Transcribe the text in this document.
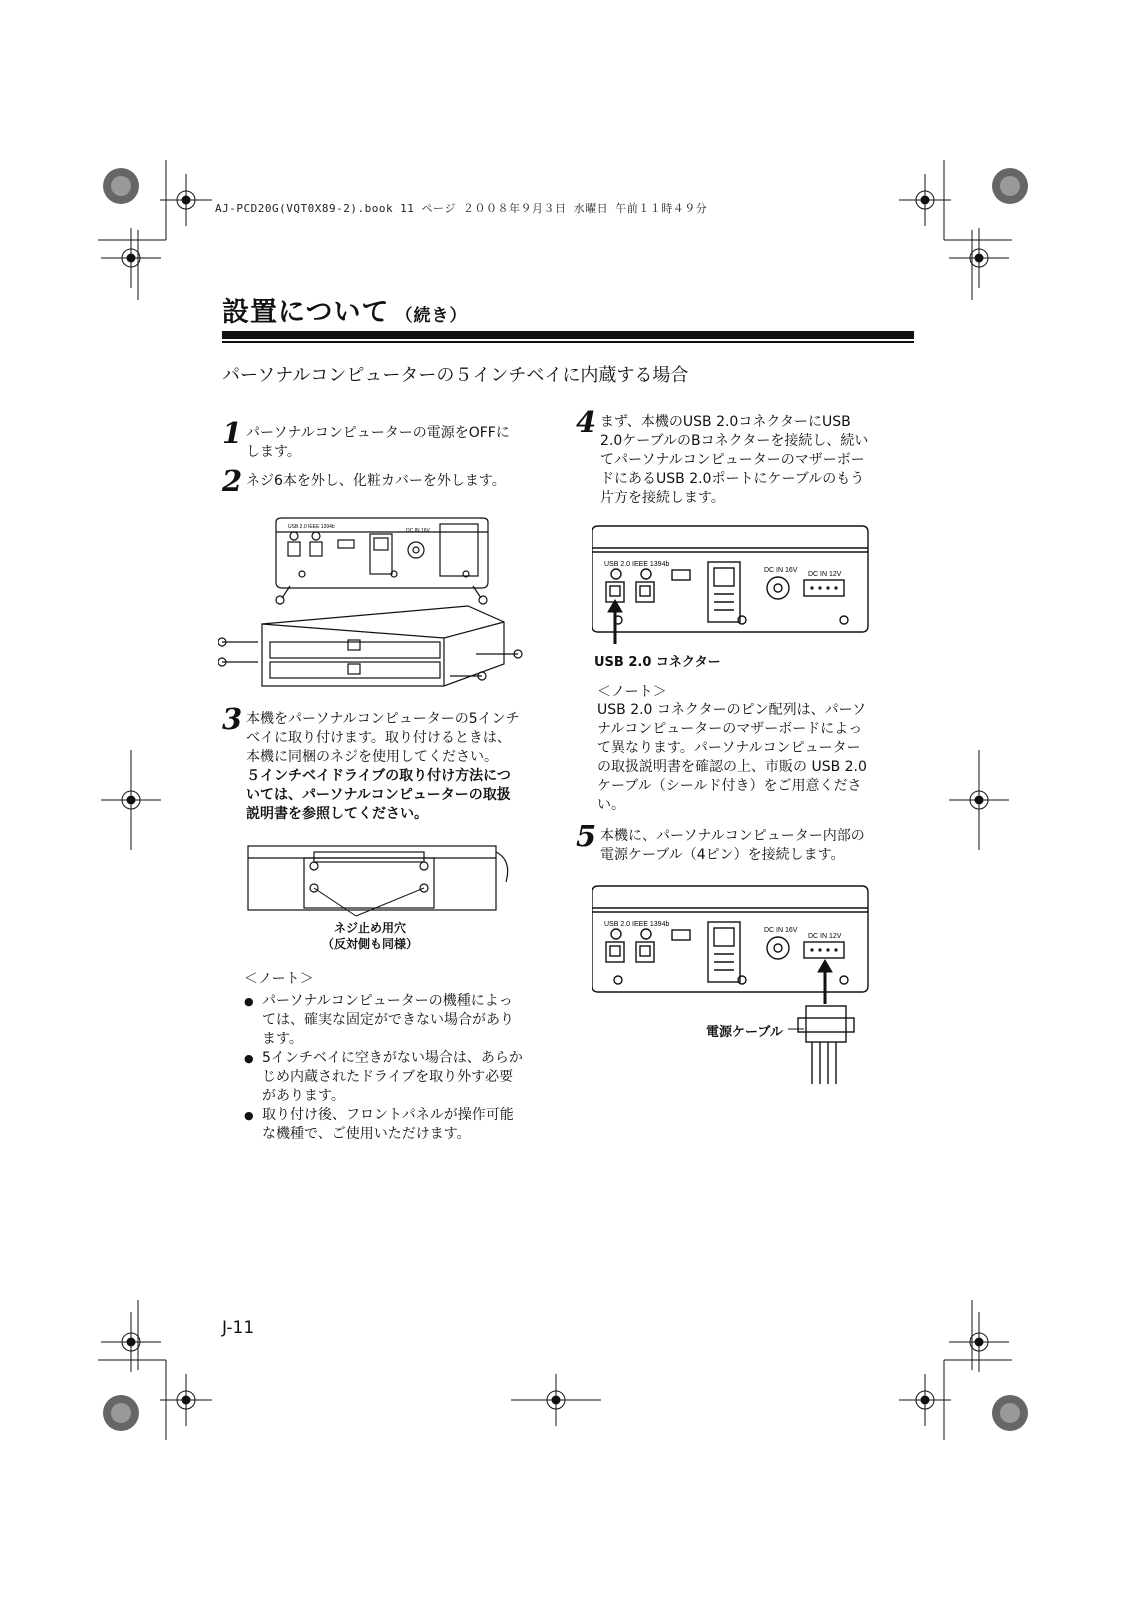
AJ-PCD20G(VQT0X89-2).book 11 ページ ２００８年９月３日 水曜日 午前１１時４９分
設置について （続き）
パーソナルコンピューターの５インチベイに内蔵する場合
1 パーソナルコンピューターの電源をOFFに
します。
2 ネジ6本を外し、化粧カバーを外します。
USB 2.0 IEEE 1394b
DC IN 16V
3 本機をパーソナルコンピューターの5インチ
ベイに取り付けます。取り付けるときは、
本機に同梱のネジを使用してください。
５インチベイドライブの取り付け方法につ
いては、パーソナルコンピューターの取扱
説明書を参照してください。
ネジ止め用穴
（反対側も同様）
＜ノート＞
● パーソナルコンピューターの機種によっ
ては、確実な固定ができない場合があり
ます。
● 5インチベイに空きがない場合は、あらか
じめ内蔵されたドライブを取り外す必要
があります。
● 取り付け後、フロントパネルが操作可能
な機種で、ご使用いただけます。
4 まず、本機のUSB 2.0コネクターにUSB
2.0ケーブルのBコネクターを接続し、続い
てパーソナルコンピューターのマザーボー
ドにあるUSB 2.0ポートにケーブルのもう
片方を接続します。
USB 2.0 IEEE 1394b
DC IN 16V
DC IN 12V
USB 2.0 コネクター
＜ノート＞
USB 2.0 コネクターのピン配列は、パーソ
ナルコンピューターのマザーボードによっ
て異なります。パーソナルコンピューター
の取扱説明書を確認の上、市販の USB 2.0
ケーブル（シールド付き）をご用意くださ
い。
5 本機に、パーソナルコンピューター内部の
電源ケーブル（4ピン）を接続します。
USB 2.0 IEEE 1394b
DC IN 16V
DC IN 12V
電源ケーブル
J-11
